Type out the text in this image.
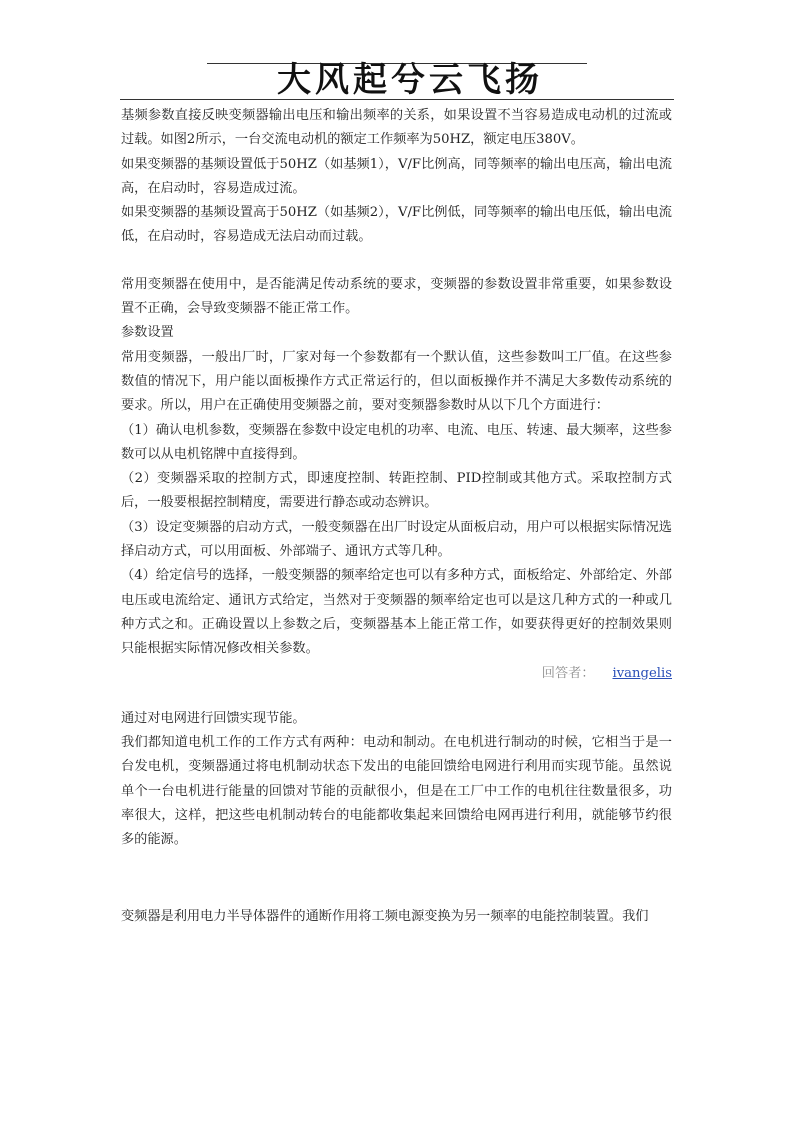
大风起兮云飞扬

基频参数直接反映变频器输出电压和输出频率的关系，如果设置不当容易造成电动机的过流或过载。如图2所示，一台交流电动机的额定工作频率为50HZ，额定电压380V。

如果变频器的基频设置低于50HZ（如基频1），V/F比例高，同等频率的输出电压高，输出电流高，在启动时，容易造成过流。

如果变频器的基频设置高于50HZ（如基频2），V/F比例低，同等频率的输出电压低，输出电流低，在启动时，容易造成无法启动而过载。

常用变频器在使用中，是否能满足传动系统的要求，变频器的参数设置非常重要，如果参数设置不正确，会导致变频器不能正常工作。

参数设置

常用变频器，一般出厂时，厂家对每一个参数都有一个默认值，这些参数叫工厂值。在这些参数值的情况下，用户能以面板操作方式正常运行的，但以面板操作并不满足大多数传动系统的要求。所以，用户在正确使用变频器之前，要对变频器参数时从以下几个方面进行：

（1）确认电机参数，变频器在参数中设定电机的功率、电流、电压、转速、最大频率，这些参数可以从电机铭牌中直接得到。

（2）变频器采取的控制方式，即速度控制、转距控制、PID控制或其他方式。采取控制方式后，一般要根据控制精度，需要进行静态或动态辨识。

（3）设定变频器的启动方式，一般变频器在出厂时设定从面板启动，用户可以根据实际情况选择启动方式，可以用面板、外部端子、通讯方式等几种。

（4）给定信号的选择，一般变频器的频率给定也可以有多种方式，面板给定、外部给定、外部电压或电流给定、通讯方式给定，当然对于变频器的频率给定也可以是这几种方式的一种或几种方式之和。正确设置以上参数之后，变频器基本上能正常工作，如要获得更好的控制效果则只能根据实际情况修改相关参数。

回答者： ivangelis

通过对电网进行回馈实现节能。

我们都知道电机工作的工作方式有两种：电动和制动。在电机进行制动的时候，它相当于是一台发电机，变频器通过将电机制动状态下发出的电能回馈给电网进行利用而实现节能。虽然说单个一台电机进行能量的回馈对节能的贡献很小，但是在工厂中工作的电机往往数量很多，功率很大，这样，把这些电机制动转台的电能都收集起来回馈给电网再进行利用，就能够节约很多的能源。

变频器是利用电力半导体器件的通断作用将工频电源变换为另一频率的电能控制装置。我们
